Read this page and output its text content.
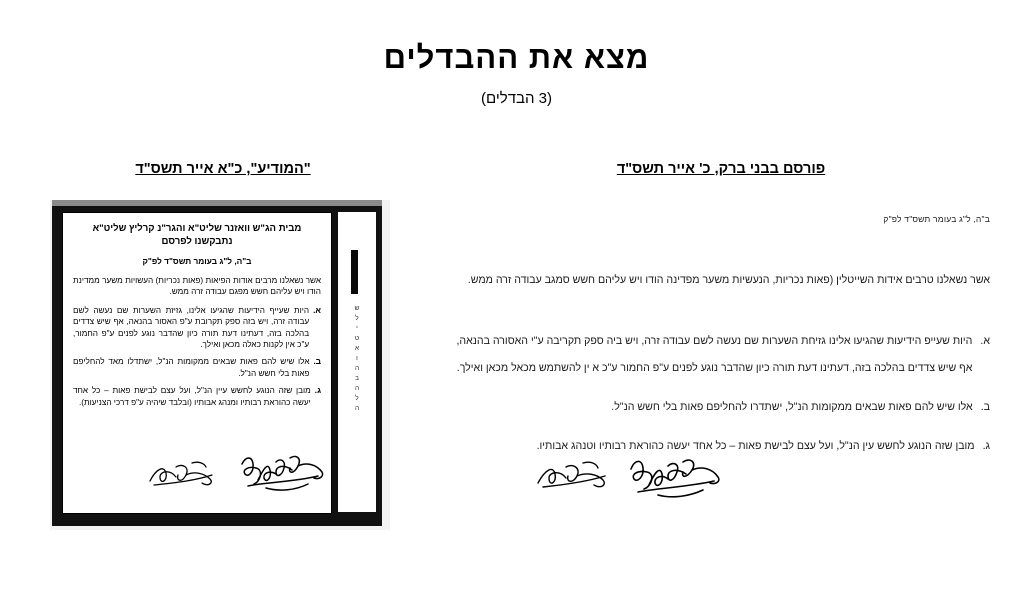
מצא את ההבדלים
(3 הבדלים)
פורסם בבני ברק, כ' אייר תשס"ד
"המודיע", כ"א אייר תשס"ד
מבית הג"ש וואזנר שליט"א והגר"נ קרליץ שליט"א
נתבקשנו לפרסם
ב"ה, ל"ג בעומר תשס"ד לפ"ק

אשר נשאלנו מרבים אודות הפיאות (פאות נכריות) העשויות משער ממדינת הודו ויש עליהם חשש מפגם עבודה זרה ממש.

א.
היות שעייף הידיעות שהגיעו אלינו, גזיזת השערות שם נעשה לשם עבודה זרה, ויש בזה ספק תקרובת ע"פ האסור בהנאה, אף שיש צדדים בהלכה בזה, דעתינו דעת תורה כיון שהדבר נוגע לפנים ע"פ החמור, ע"כ אין לקנות כאלה מכאן ואילך.
ב.
אלו שיש להם פאות שבאים ממקומות הנ"ל, ישתדלו מאד להחליפם פאות בלי חשש הנ"ל.
ג.
מובן שזה הנוגע לחשש עיין הנ"ל, ועל עצם לבישת פאות – כל אחד יעשה כהוראת רבותיו ומנהג אבותיו (ובלבד שיהיה ע"פ דרכי הצניעות).
ש
ל
י
ט
א
ו
ה
ב
ה
ל
ה
ב"ה, ל"ג בעומר תשס"ד לפ"ק
אשר נשאלנו טרבים אידות השייטלין (פאות נכריות, הנעשיות משער מפדינה הודו ויש עליהם חשש סמגב עבודה זרה ממש.
א.
היות שעייפ הידיעות שהגיעו אלינו גזיחת השערות שם נעשה לשם עבודה זרה, ויש ביה ספק תקריבה ע"י האסורה בהנאה, אף שיש צדדים בהלכה בזה, דעתינו דעת תורה כיון שהדבר נוגע לפנים ע"פ החמור ע"כ א ין להשתמש מכאל מכאן ואילך.
ב.
אלו שיש להם פאות שבאים ממקומות הנ"ל, ישתדרו להחליפם פאות בלי חשש הנ"ל.
ג.
מובן שזה הנוגע לחשש עין הנ"ל, ועל עצם לבישת פאות – כל אחד יעשה כהוראת רבותיו וטנהג אבותיו.
